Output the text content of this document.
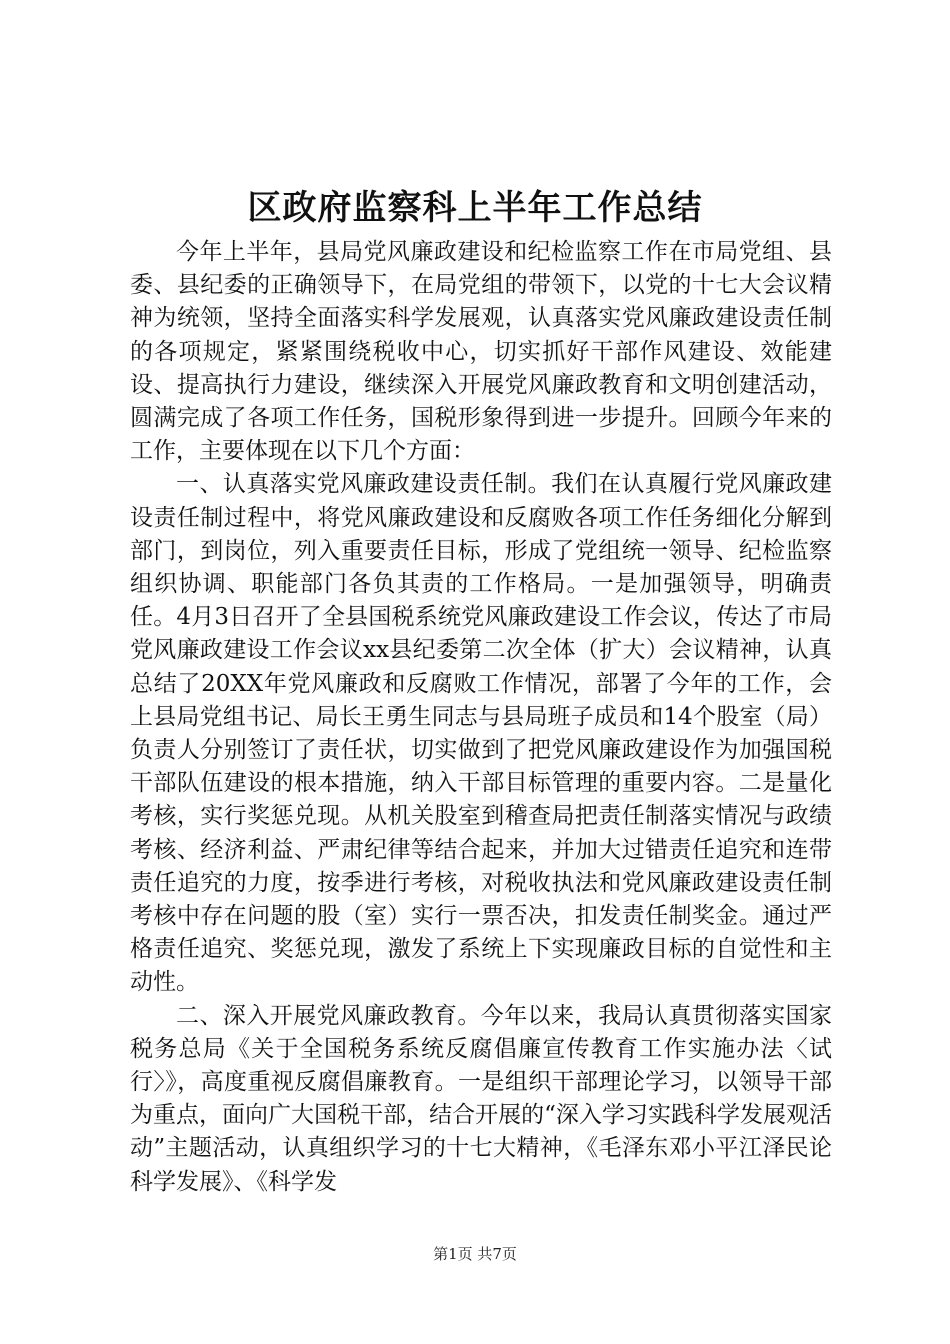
区政府监察科上半年工作总结

今年上半年，县局党风廉政建设和纪检监察工作在市局党组、县委、县纪委的正确领导下，在局党组的带领下，以党的十七大会议精神为统领，坚持全面落实科学发展观，认真落实党风廉政建设责任制的各项规定，紧紧围绕税收中心，切实抓好干部作风建设、效能建设、提高执行力建设，继续深入开展党风廉政教育和文明创建活动，圆满完成了各项工作任务，国税形象得到进一步提升。回顾今年来的工作，主要体现在以下几个方面：

一、认真落实党风廉政建设责任制。我们在认真履行党风廉政建设责任制过程中，将党风廉政建设和反腐败各项工作任务细化分解到部门，到岗位，列入重要责任目标，形成了党组统一领导、纪检监察组织协调、职能部门各负其责的工作格局。一是加强领导，明确责任。4月3日召开了全县国税系统党风廉政建设工作会议，传达了市局党风廉政建设工作会议xx县纪委第二次全体（扩大）会议精神，认真总结了20XX年党风廉政和反腐败工作情况，部署了今年的工作，会上县局党组书记、局长王勇生同志与县局班子成员和14个股室（局）负责人分别签订了责任状，切实做到了把党风廉政建设作为加强国税干部队伍建设的根本措施，纳入干部目标管理的重要内容。二是量化考核，实行奖惩兑现。从机关股室到稽查局把责任制落实情况与政绩考核、经济利益、严肃纪律等结合起来，并加大过错责任追究和连带责任追究的力度，按季进行考核，对税收执法和党风廉政建设责任制考核中存在问题的股（室）实行一票否决，扣发责任制奖金。通过严格责任追究、奖惩兑现，激发了系统上下实现廉政目标的自觉性和主动性。

二、深入开展党风廉政教育。今年以来，我局认真贯彻落实国家税务总局《关于全国税务系统反腐倡廉宣传教育工作实施办法〈试行〉》，高度重视反腐倡廉教育。一是组织干部理论学习，以领导干部为重点，面向广大国税干部，结合开展的“深入学习实践科学发展观活动”主题活动，认真组织学习的十七大精神，《毛泽东邓小平江泽民论科学发展》、《科学发

第1页 共7页
